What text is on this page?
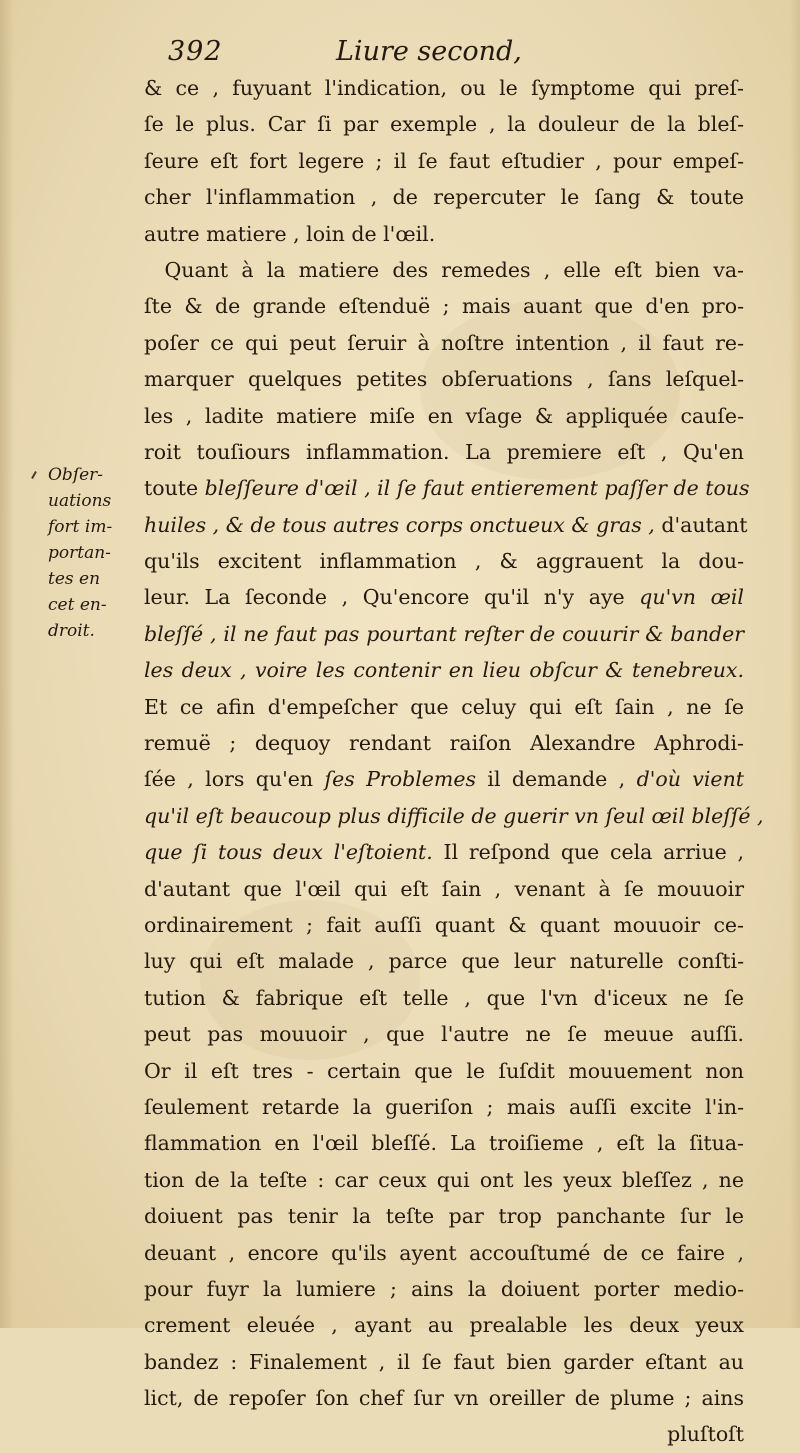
392	Liure second,
Obſer-
uations
fort im-
portan-
tes en
cet en-
droit.
& ce , fuyuant l'indication, ou le ſymptome qui preſ-
ſe le plus. Car ſi par exemple , la douleur de la bleſ-
ſeure eſt fort legere ; il ſe faut eſtudier , pour empeſ-
cher l'inflammation , de repercuter le ſang & toute
autre matiere , loin de l'œil.
 Quant à la matiere des remedes , elle eſt bien va-
ſte & de grande eſtenduë ; mais auant que d'en pro-
poſer ce qui peut ſeruir à noſtre intention , il faut re-
marquer quelques petites obſeruations , ſans leſquel-
les , ladite matiere miſe en vſage & appliquée cauſe-
roit touſiours inflammation. La premiere eſt , Qu'en
toute bleſſeure d'œil , il ſe faut entierement paſſer de tous
huiles , & de tous autres corps onctueux & gras , d'autant
qu'ils excitent inflammation , & aggrauent la dou-
leur. La ſeconde , Qu'encore qu'il n'y aye qu'vn œil
bleſſé , il ne faut pas pourtant reſter de couurir & bander
les deux , voire les contenir en lieu obſcur & tenebreux.
Et ce afin d'empeſcher que celuy qui eſt ſain , ne ſe
remuë ; dequoy rendant raiſon Alexandre Aphrodi-
ſée , lors qu'en ſes Problemes il demande , d'où vient
qu'il eſt beaucoup plus difficile de guerir vn ſeul œil bleſſé ,
que ſi tous deux l'eſtoient. Il reſpond que cela arriue ,
d'autant que l'œil qui eſt ſain , venant à ſe mouuoir
ordinairement ; fait auſſi quant & quant mouuoir ce-
luy qui eſt malade , parce que leur naturelle conſti-
tution & fabrique eſt telle , que l'vn d'iceux ne ſe
peut pas mouuoir , que l'autre ne ſe meuue auſſi.
Or il eſt tres - certain que le ſuſdit mouuement non
ſeulement retarde la gueriſon ; mais auſſi excite l'in-
flammation en l'œil bleſſé. La troiſieme , eſt la ſitua-
tion de la teſte : car ceux qui ont les yeux bleſſez , ne
doiuent pas tenir la teſte par trop panchante ſur le
deuant , encore qu'ils ayent accouſtumé de ce faire ,
pour fuyr la lumiere ; ains la doiuent porter medio-
crement eleuée , ayant au prealable les deux yeux
bandez : Finalement , il ſe faut bien garder eſtant au
lict, de repoſer ſon chef ſur vn oreiller de plume ; ains
pluſtoſt
